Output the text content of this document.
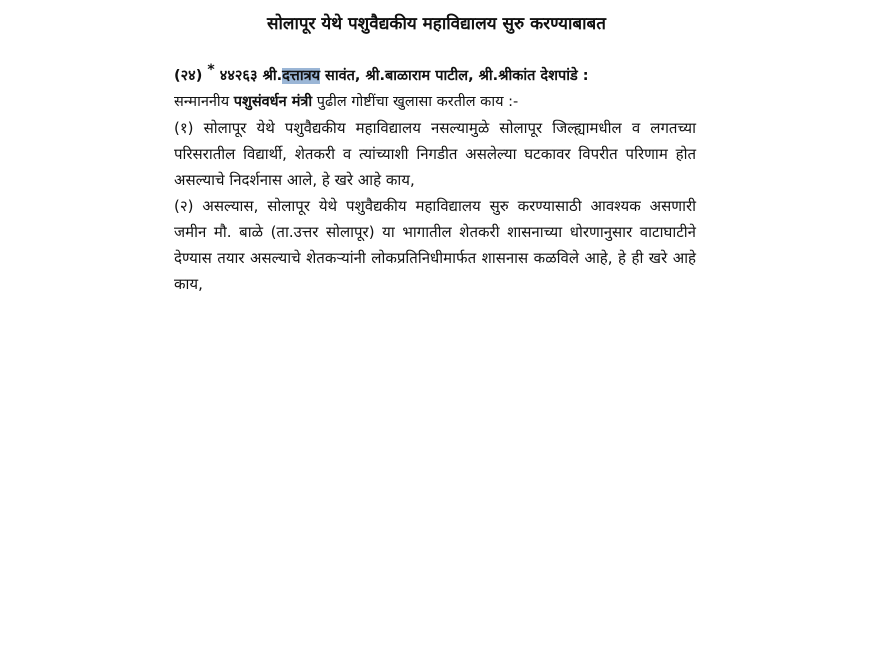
सोलापूर येथे पशुवैद्यकीय महाविद्यालय सुरु करण्याबाबत
(२४) * ४४२६३ श्री.दत्तात्रय सावंत, श्री.बाळाराम पाटील, श्री.श्रीकांत देशपांडे :
सन्माननीय पशुसंवर्धन मंत्री पुढील गोष्टींचा खुलासा करतील काय :-

(१) सोलापूर येथे पशुवैद्यकीय महाविद्यालय नसल्यामुळे सोलापूर जिल्ह्यामधील व लगतच्या परिसरातील विद्यार्थी, शेतकरी व त्यांच्याशी निगडीत असलेल्या घटकावर विपरीत परिणाम होत असल्याचे निदर्शनास आले, हे खरे आहे काय,

(२) असल्यास, सोलापूर येथे पशुवैद्यकीय महाविद्यालय सुरु करण्यासाठी आवश्यक असणारी जमीन मौ. बाळे (ता.उत्तर सोलापूर) या भागातील शेतकरी शासनाच्या धोरणानुसार वाटाघाटीने देण्यास तयार असल्याचे शेतकऱ्यांनी लोकप्रतिनिधीमार्फत शासनास कळविले आहे, हे ही खरे आहे काय,
